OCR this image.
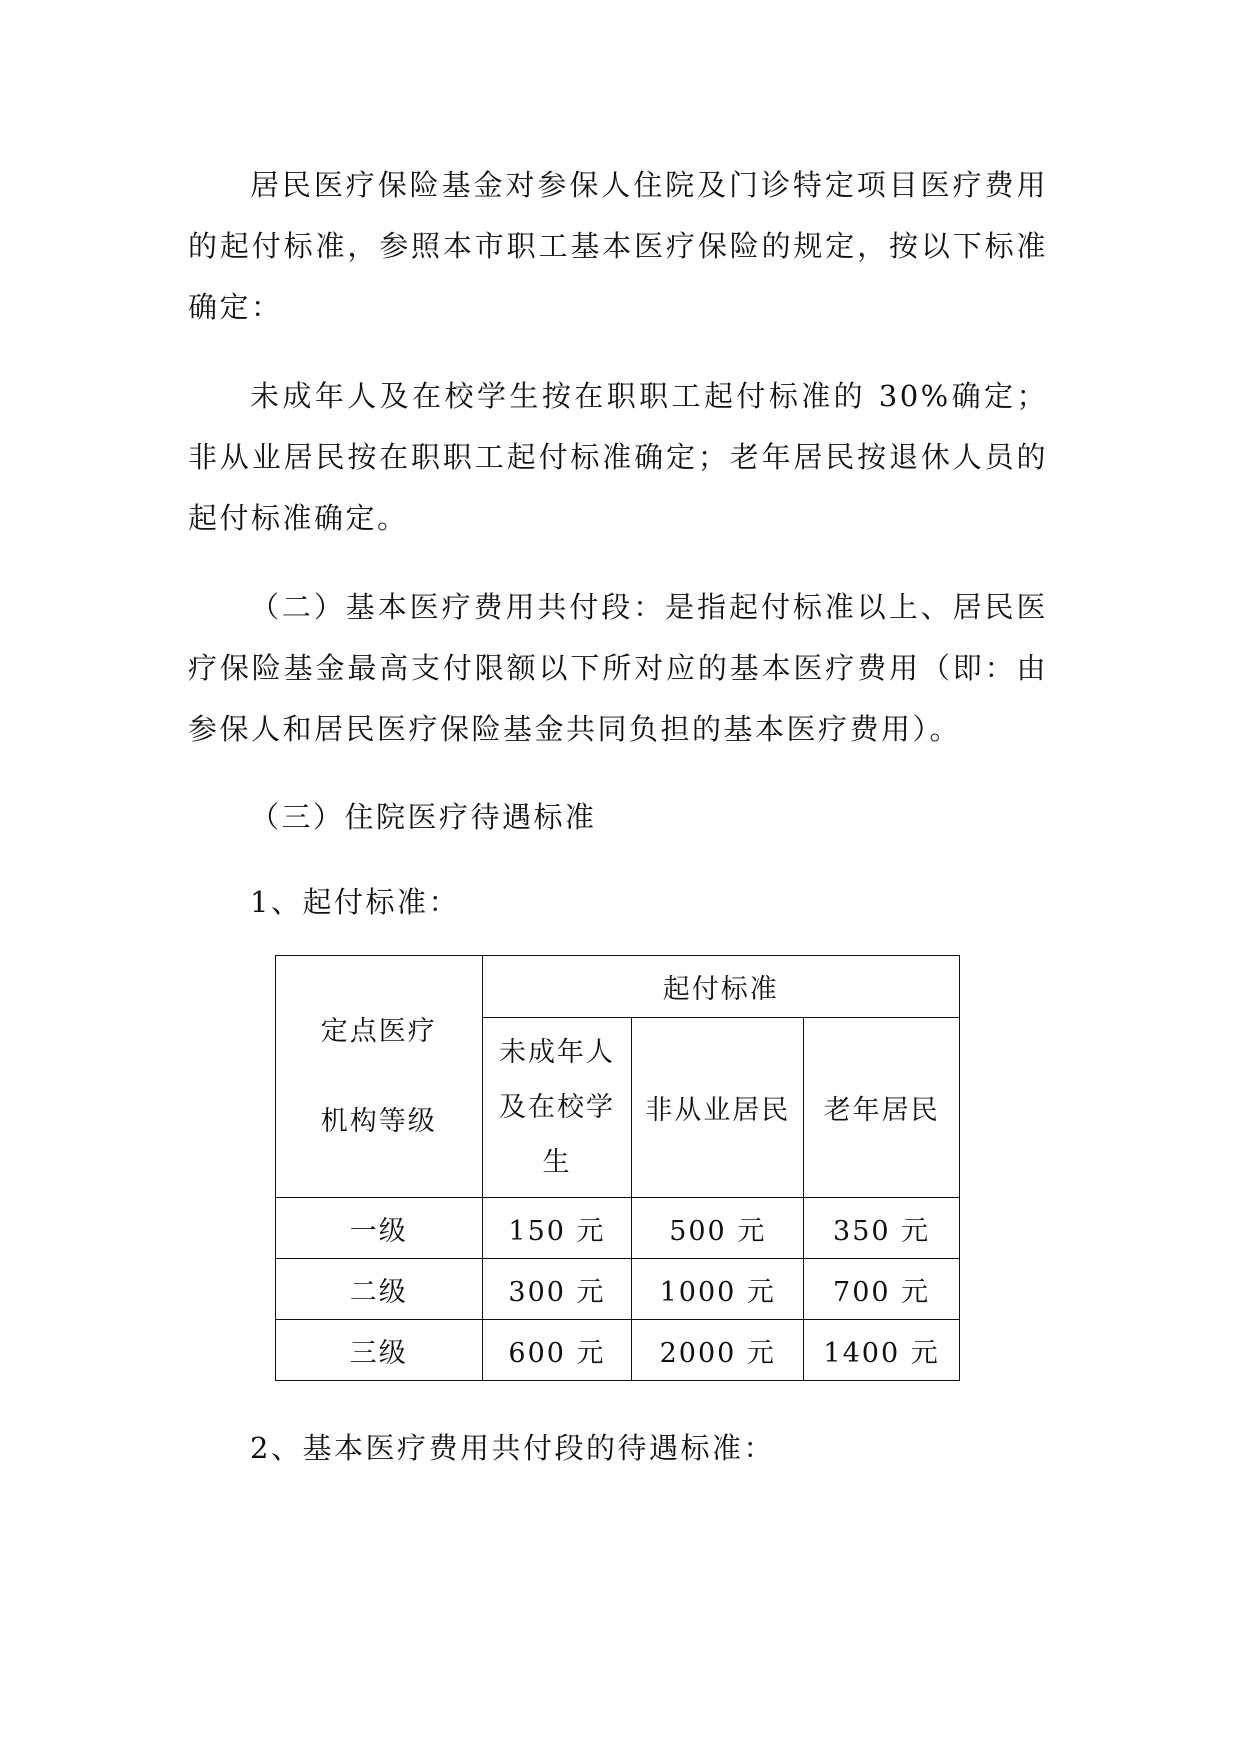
居民医疗保险基金对参保人住院及门诊特定项目医疗费用的起付标准，参照本市职工基本医疗保险的规定，按以下标准确定：

未成年人及在校学生按在职职工起付标准的 30%确定；非从业居民按在职职工起付标准确定；老年居民按退休人员的起付标准确定。

（二）基本医疗费用共付段：是指起付标准以上、居民医疗保险基金最高支付限额以下所对应的基本医疗费用（即：由参保人和居民医疗保险基金共同负担的基本医疗费用）。

（三）住院医疗待遇标准
1、起付标准：
定点医疗
机构等级	起付标准		
	未成年人
及在校学
生	非从业居民	老年居民
一级	150 元	500 元	350 元
二级	300 元	1000 元	700 元
三级	600 元	2000 元	1400 元
2、基本医疗费用共付段的待遇标准：
